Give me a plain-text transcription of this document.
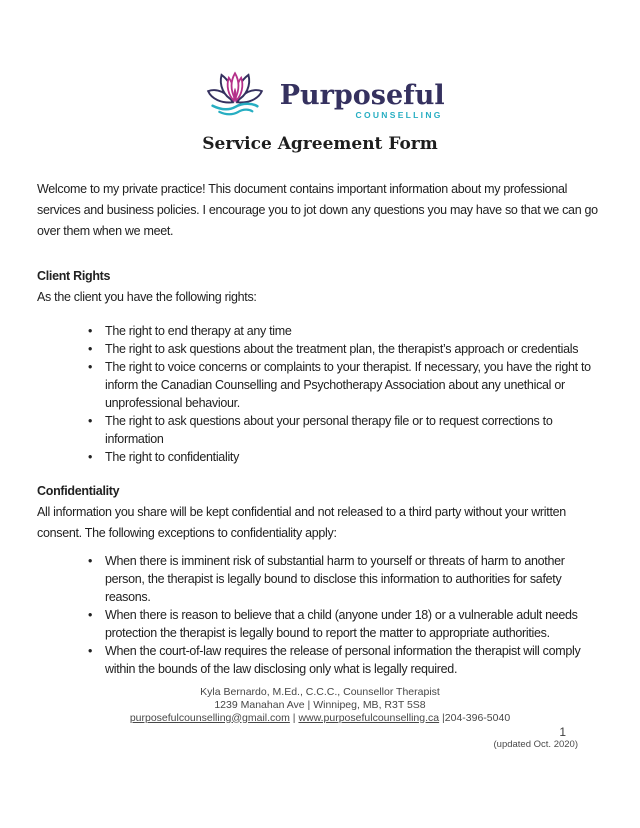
Purposeful
COUNSELLING
Service Agreement Form
Welcome to my private practice! This document contains important information about my professional
services and business policies. I encourage you to jot down any questions you may have so that we can go
over them when we meet.
Client Rights
As the client you have the following rights:
•	The right to end therapy at any time
•	The right to ask questions about the treatment plan, the therapist’s approach or credentials
•	The right to voice concerns or complaints to your therapist. If necessary, you have the right to
inform the Canadian Counselling and Psychotherapy Association about any unethical or
unprofessional behaviour.
•	The right to ask questions about your personal therapy file or to request corrections to
information
•	The right to confidentiality
Confidentiality
All information you share will be kept confidential and not released to a third party without your written
consent. The following exceptions to confidentiality apply:
•	When there is imminent risk of substantial harm to yourself or threats of harm to another
person, the therapist is legally bound to disclose this information to authorities for safety
reasons.
•	When there is reason to believe that a child (anyone under 18) or a vulnerable adult needs
protection the therapist is legally bound to report the matter to appropriate authorities.
•	When the court-of-law requires the release of personal information the therapist will comply
within the bounds of the law disclosing only what is legally required.
Kyla Bernardo, M.Ed., C.C.C., Counsellor Therapist
1239 Manahan Ave | Winnipeg, MB, R3T 5S8
purposefulcounselling@gmail.com | www.purposefulcounselling.ca |204-396-5040
1
(updated Oct. 2020)
